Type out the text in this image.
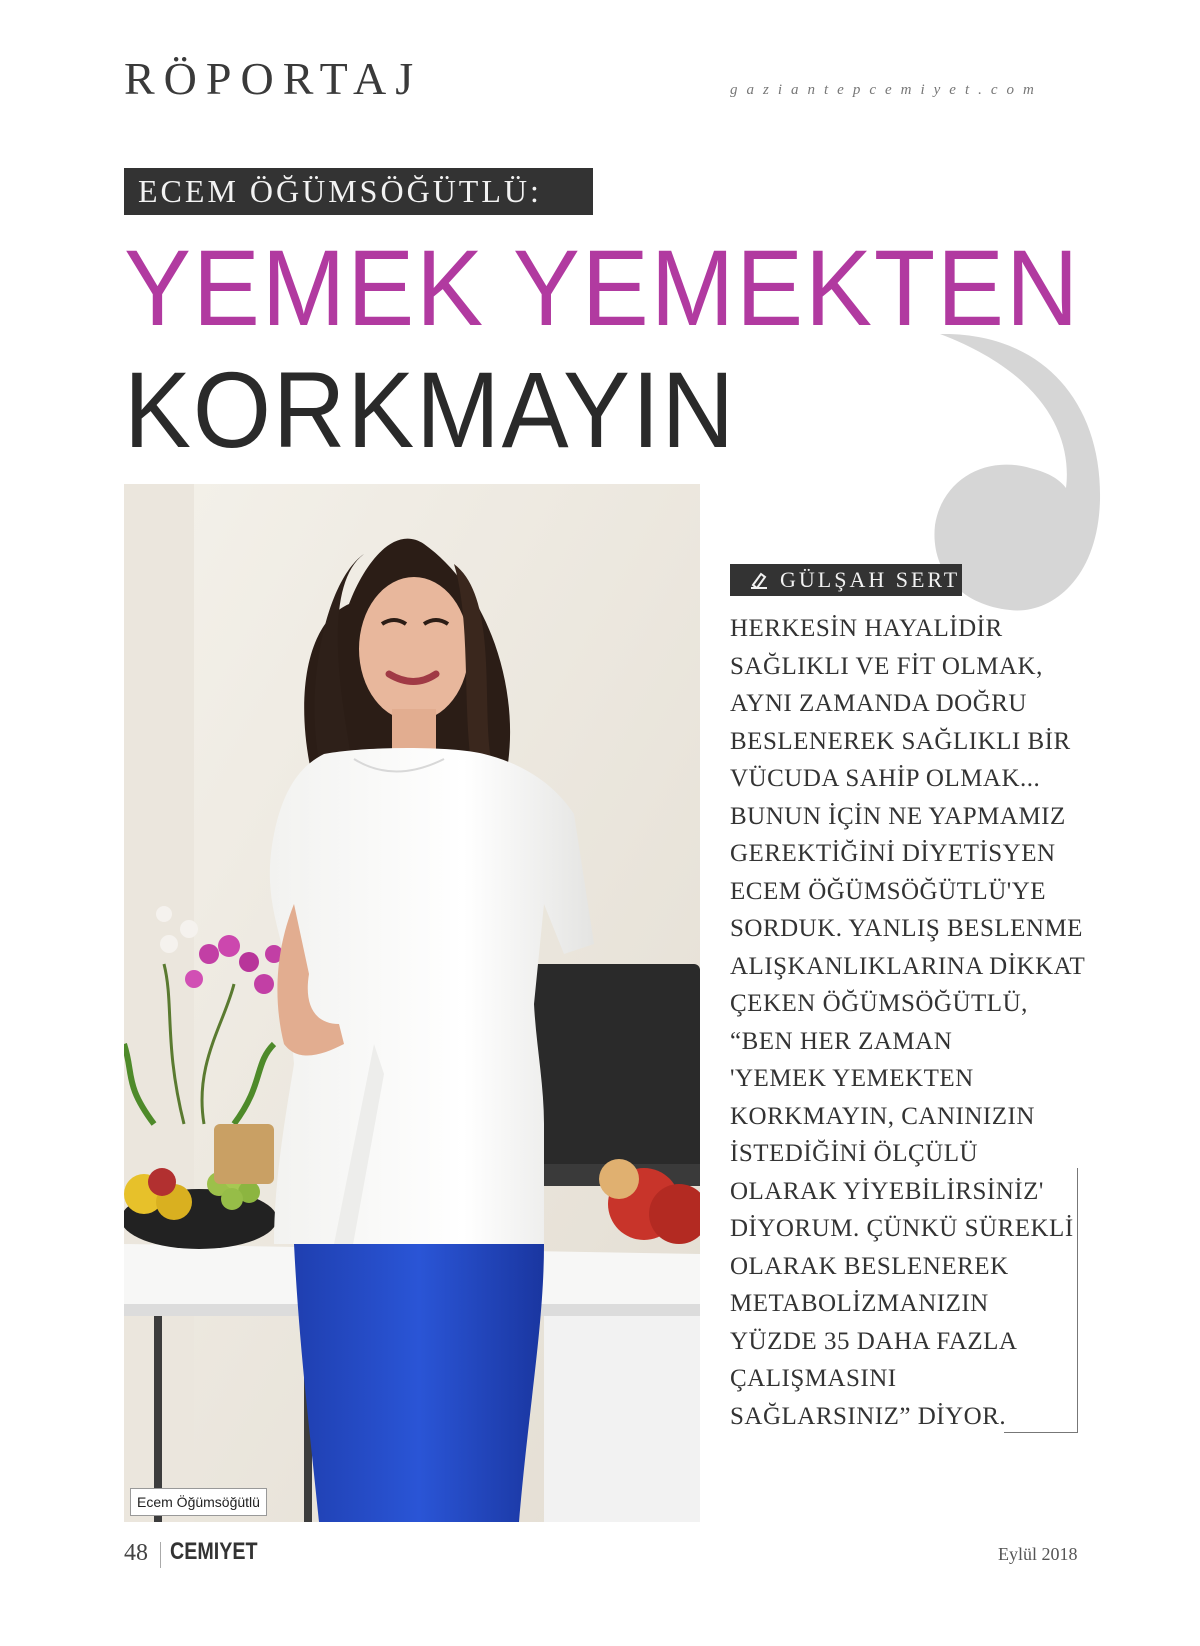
RÖPORTAJ	gaziantepcemiyet.com
ECEM ÖĞÜMSÖĞÜTLÜ:
YEMEK YEMEKTEN
KORKMAYIN
Ecem Öğümsöğütlü
GÜLŞAH SERT

HERKESİN HAYALİDİR
SAĞLIKLI VE FİT OLMAK,
AYNI ZAMANDA DOĞRU
BESLENEREK SAĞLIKLI BİR
VÜCUDA SAHİP OLMAK...
BUNUN İÇİN NE YAPMAMIZ
GEREKTİĞİNİ DİYETİSYEN
ECEM ÖĞÜMSÖĞÜTLÜ'YE
SORDUK. YANLIŞ BESLENME
ALIŞKANLIKLARINA DİKKAT
ÇEKEN ÖĞÜMSÖĞÜTLÜ,
“BEN HER ZAMAN
'YEMEK YEMEKTEN
KORKMAYIN, CANINIZIN
İSTEDİĞİNİ ÖLÇÜLÜ
OLARAK YİYEBİLİRSİNİZ'
DİYORUM. ÇÜNKÜ SÜREKLİ
OLARAK BESLENEREK
METABOLİZMANIZIN
YÜZDE 35 DAHA FAZLA
ÇALIŞMASINI
SAĞLARSINIZ” DİYOR.

48 CEMIYET	Eylül 2018
